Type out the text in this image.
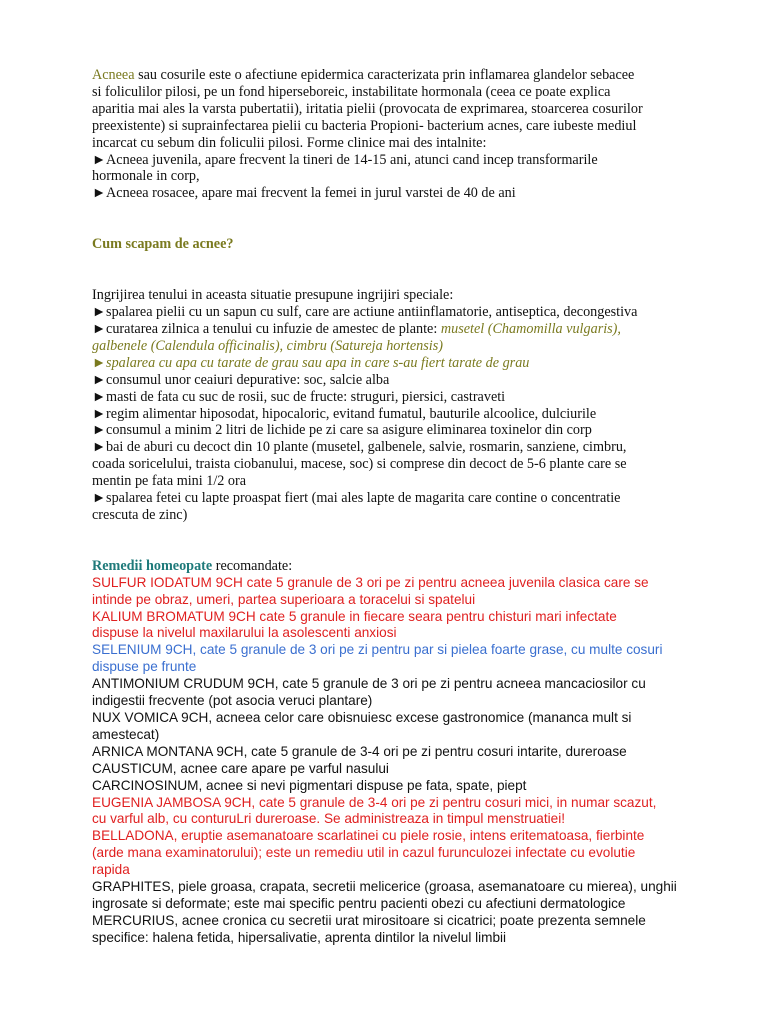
Acneea sau cosurile este o afectiune epidermica caracterizata prin inflamarea glandelor sebacee

si foliculilor pilosi, pe un fond hiperseboreic, instabilitate hormonala (ceea ce poate explica

aparitia mai ales la varsta pubertatii), iritatia pielii (provocata de exprimarea, stoarcerea cosurilor

preexistente) si suprainfectarea pielii cu bacteria Propioni- bacterium acnes, care iubeste mediul

incarcat cu sebum din foliculii pilosi. Forme clinice mai des intalnite:

►Acneea juvenila, apare frecvent la tineri de 14-15 ani, atunci cand incep transformarile

hormonale in corp,

►Acneea rosacee, apare mai frecvent la femei in jurul varstei de 40 de ani

Cum scapam de acnee?

Ingrijirea tenului in aceasta situatie presupune ingrijiri speciale:

►spalarea pielii cu un sapun cu sulf, care are actiune antiinflamatorie, antiseptica, decongestiva

►curatarea zilnica a tenului cu infuzie de amestec de plante: musetel (Chamomilla vulgaris),

galbenele (Calendula officinalis), cimbru (Satureja hortensis)

►spalarea cu apa cu tarate de grau sau apa in care s-au fiert tarate de grau

►consumul unor ceaiuri depurative: soc, salcie alba

►masti de fata cu suc de rosii, suc de fructe: struguri, piersici, castraveti

►regim alimentar hiposodat, hipocaloric, evitand fumatul, bauturile alcoolice, dulciurile

►consumul a minim 2 litri de lichide pe zi care sa asigure eliminarea toxinelor din corp

►bai de aburi cu decoct din 10 plante (musetel, galbenele, salvie, rosmarin, sanziene, cimbru,

coada soricelului, traista ciobanului, macese, soc) si comprese din decoct de 5-6 plante care se

mentin pe fata mini 1/2 ora

►spalarea fetei cu lapte proaspat fiert (mai ales lapte de magarita care contine o concentratie

crescuta de zinc)

Remedii homeopate recomandate:

SULFUR IODATUM 9CH cate 5 granule de 3 ori pe zi pentru acneea juvenila clasica care se

intinde pe obraz, umeri, partea superioara a toracelui si spatelui

KALIUM BROMATUM 9CH cate 5 granule in fiecare seara pentru chisturi mari infectate

dispuse la nivelul maxilarului la asolescenti anxiosi

SELENIUM 9CH, cate 5 granule de 3 ori pe zi pentru par si pielea foarte grase, cu multe cosuri

dispuse pe frunte

ANTIMONIUM CRUDUM 9CH, cate 5 granule de 3 ori pe zi pentru acneea mancaciosilor cu

indigestii frecvente (pot asocia veruci plantare)

NUX VOMICA 9CH, acneea celor care obisnuiesc excese gastronomice (mananca mult si

amestecat)

ARNICA MONTANA 9CH, cate 5 granule de 3-4 ori pe zi pentru cosuri intarite, dureroase

CAUSTICUM, acnee care apare pe varful nasului

CARCINOSINUM, acnee si nevi pigmentari dispuse pe fata, spate, piept

EUGENIA JAMBOSA 9CH, cate 5 granule de 3-4 ori pe zi pentru cosuri mici, in numar scazut,

cu varful alb, cu conturuLri dureroase. Se administreaza in timpul menstruatiei!

BELLADONA, eruptie asemanatoare scarlatinei cu piele rosie, intens eritematoasa, fierbinte

(arde mana examinatorului); este un remediu util in cazul furunculozei infectate cu evolutie

rapida

GRAPHITES, piele groasa, crapata, secretii melicerice (groasa, asemanatoare cu mierea), unghii

ingrosate si deformate; este mai specific pentru pacienti obezi cu afectiuni dermatologice

MERCURIUS, acnee cronica cu secretii urat mirositoare si cicatrici; poate prezenta semnele

specifice: halena fetida, hipersalivatie, aprenta dintilor la nivelul limbii
